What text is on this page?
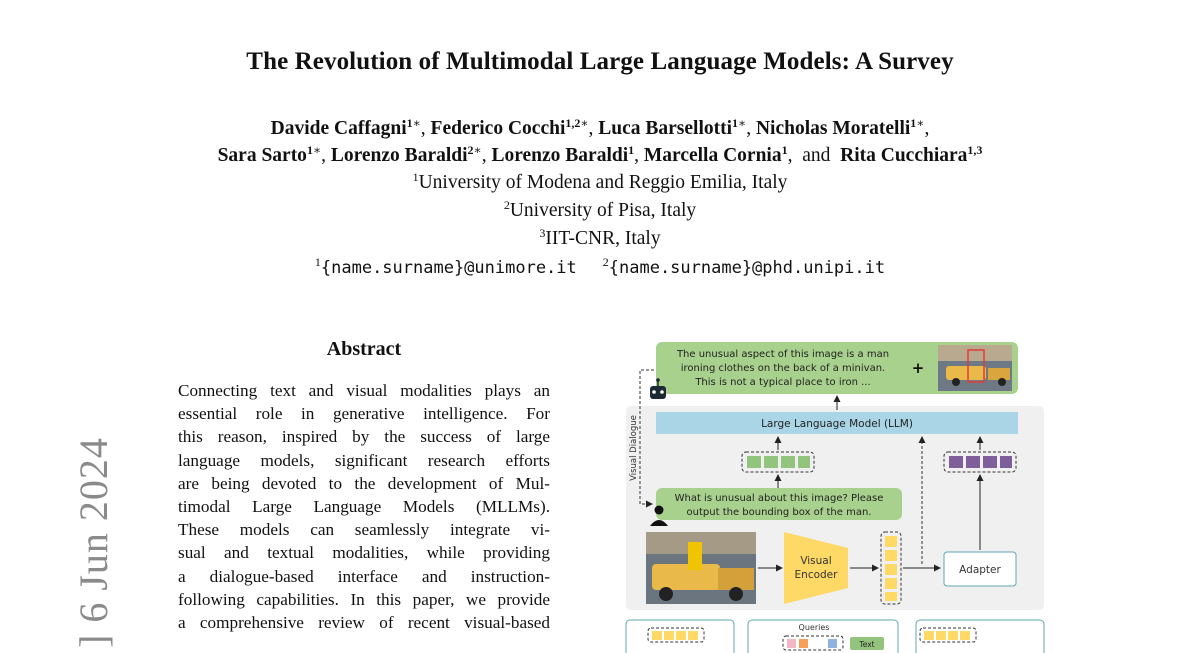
The Revolution of Multimodal Large Language Models: A Survey
Davide Caffagni$^{1∗}$, Federico Cocchi$^{1,2∗}$, Luca Barsellotti$^{1∗}$, Nicholas Moratelli$^{1∗}$,
Sara Sarto$^{1∗}$, Lorenzo Baraldi$^{2∗}$, Lorenzo Baraldi$^1$, Marcella Cornia$^1$,  and Rita Cucchiara$^{1,3}$
$^1$University of Modena and Reggio Emilia, Italy
$^2$University of Pisa, Italy
$^3$IIT-CNR, Italy
$^1${name.surname}@unimore.it $^2${name.surname}@phd.unipi.it
] 6 Jun 2024
Abstract
Connecting text and visual modalities plays an
essential role in generative intelligence. For
this reason, inspired by the success of large
language models, significant research efforts
are being devoted to the development of Mul-
timodal Large Language Models (MLLMs).
These models can seamlessly integrate vi-
sual and textual modalities, while providing
a dialogue-based interface and instruction-
following capabilities. In this paper, we provide
a comprehensive review of recent visual-based
The unusual aspect of this image is a man
ironing clothes on the back of a minivan.
This is not a typical place to iron ...
+
Large Language Model (LLM)
Visual Dialogue
What is unusual about this image? Please
output the bounding box of the man.
Visual
Encoder	Adapter
Queries
Text
